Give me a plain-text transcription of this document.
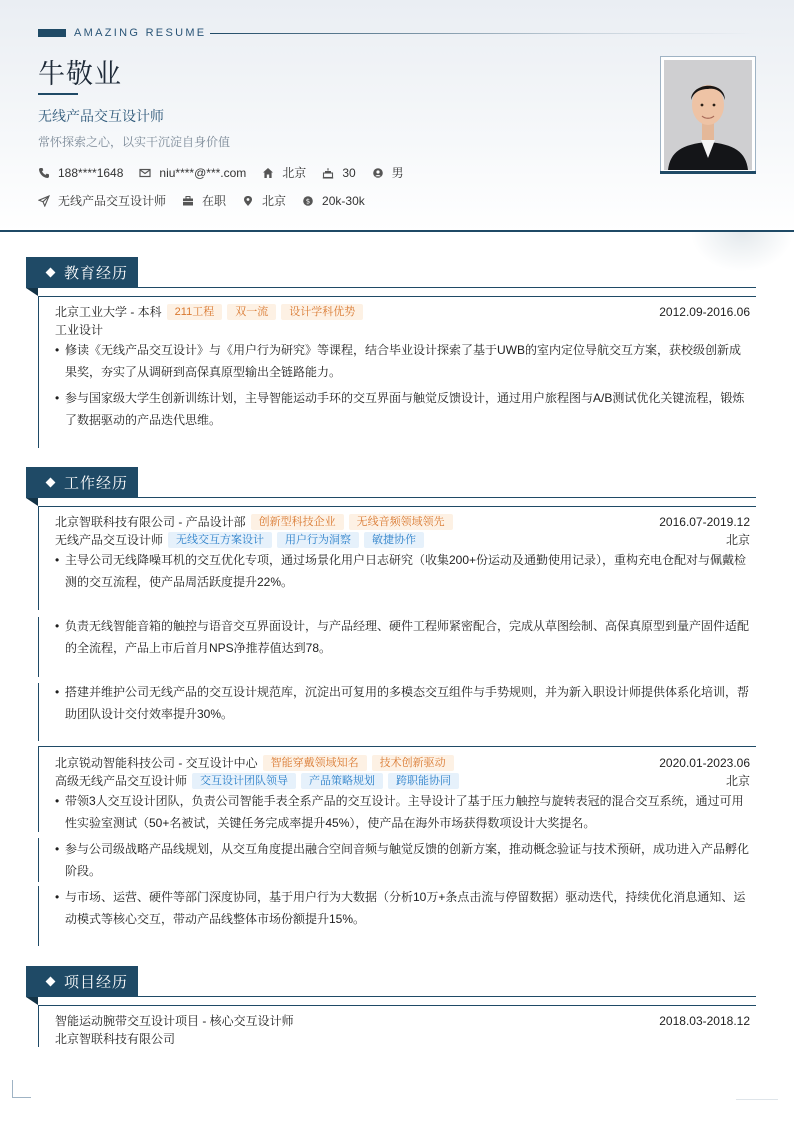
AMAZING RESUME
牛敬业
无线产品交互设计师
常怀探索之心，以实干沉淀自身价值
188****1648	niu****@***.com	北京	30	男
无线产品交互设计师	在职	北京	$ 20k-30k
教育经历
北京工业大学 - 本科	211工程	双一流	设计学科优势	2012.09-2016.06
工业设计
• 修读《无线产品交互设计》与《用户行为研究》等课程，结合毕业设计探索了基于UWB的室内定位导航交互方案，获校级创新成果奖，夯实了从调研到高保真原型输出全链路能力。
• 参与国家级大学生创新训练计划，主导智能运动手环的交互界面与触觉反馈设计，通过用户旅程图与A/B测试优化关键流程，锻炼了数据驱动的产品迭代思维。
工作经历
北京智联科技有限公司 - 产品设计部	创新型科技企业	无线音频领域领先	2016.07-2019.12
无线产品交互设计师	无线交互方案设计	用户行为洞察	敏捷协作	北京
• 主导公司无线降噪耳机的交互优化专项，通过场景化用户日志研究（收集200+份运动及通勤使用记录），重构充电仓配对与佩戴检测的交互流程，使产品周活跃度提升22%。
• 负责无线智能音箱的触控与语音交互界面设计，与产品经理、硬件工程师紧密配合，完成从草图绘制、高保真原型到量产固件适配的全流程，产品上市后首月NPS净推荐值达到78。
• 搭建并维护公司无线产品的交互设计规范库，沉淀出可复用的多模态交互组件与手势规则，并为新入职设计师提供体系化培训，帮助团队设计交付效率提升30%。
北京锐动智能科技公司 - 交互设计中心	智能穿戴领域知名	技术创新驱动	2020.01-2023.06
高级无线产品交互设计师	交互设计团队领导	产品策略规划	跨职能协同	北京
• 带领3人交互设计团队，负责公司智能手表全系产品的交互设计。主导设计了基于压力触控与旋转表冠的混合交互系统，通过可用性实验室测试（50+名被试，关键任务完成率提升45%），使产品在海外市场获得数项设计大奖提名。
• 参与公司级战略产品线规划，从交互角度提出融合空间音频与触觉反馈的创新方案，推动概念验证与技术预研，成功进入产品孵化阶段。
• 与市场、运营、硬件等部门深度协同，基于用户行为大数据（分析10万+条点击流与停留数据）驱动迭代，持续优化消息通知、运动模式等核心交互，带动产品线整体市场份额提升15%。
项目经历
智能运动腕带交互设计项目 - 核心交互设计师	2018.03-2018.12
北京智联科技有限公司
